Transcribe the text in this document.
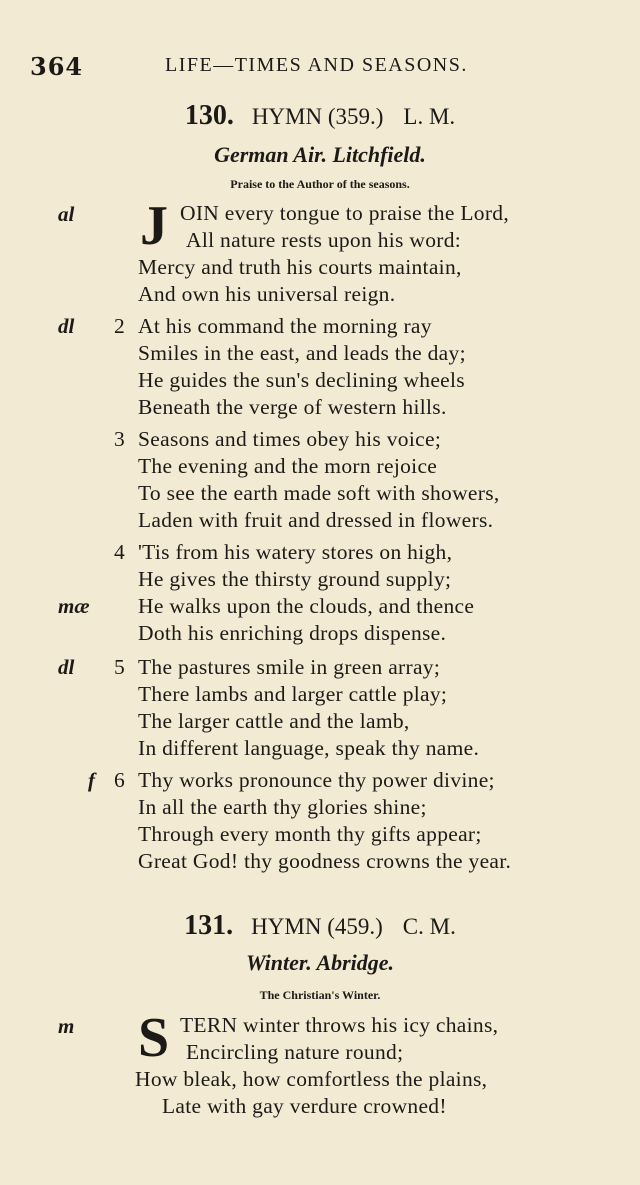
364	LIFE—TIMES AND SEASONS.
130. HYMN (359.) L. M.
German Air. Litchfield.
Praise to the Author of the seasons.
al J OIN every tongue to praise the Lord,
All nature rests upon his word:
Mercy and truth his courts maintain,
And own his universal reign.
dl 2 At his command the morning ray
Smiles in the east, and leads the day;
He guides the sun's declining wheels
Beneath the verge of western hills.
3 Seasons and times obey his voice;
The evening and the morn rejoice
To see the earth made soft with showers,
Laden with fruit and dressed in flowers.
4 'Tis from his watery stores on high,
He gives the thirsty ground supply;
mæ He walks upon the clouds, and thence
Doth his enriching drops dispense.
dl 5 The pastures smile in green array;
There lambs and larger cattle play;
The larger cattle and the lamb,
In different language, speak thy name.
f 6 Thy works pronounce thy power divine;
In all the earth thy glories shine;
Through every month thy gifts appear;
Great God! thy goodness crowns the year.
131. HYMN (459.) C. M.
Winter. Abridge.
The Christian's Winter.
m S TERN winter throws his icy chains,
Encircling nature round;
How bleak, how comfortless the plains,
Late with gay verdure crowned!
